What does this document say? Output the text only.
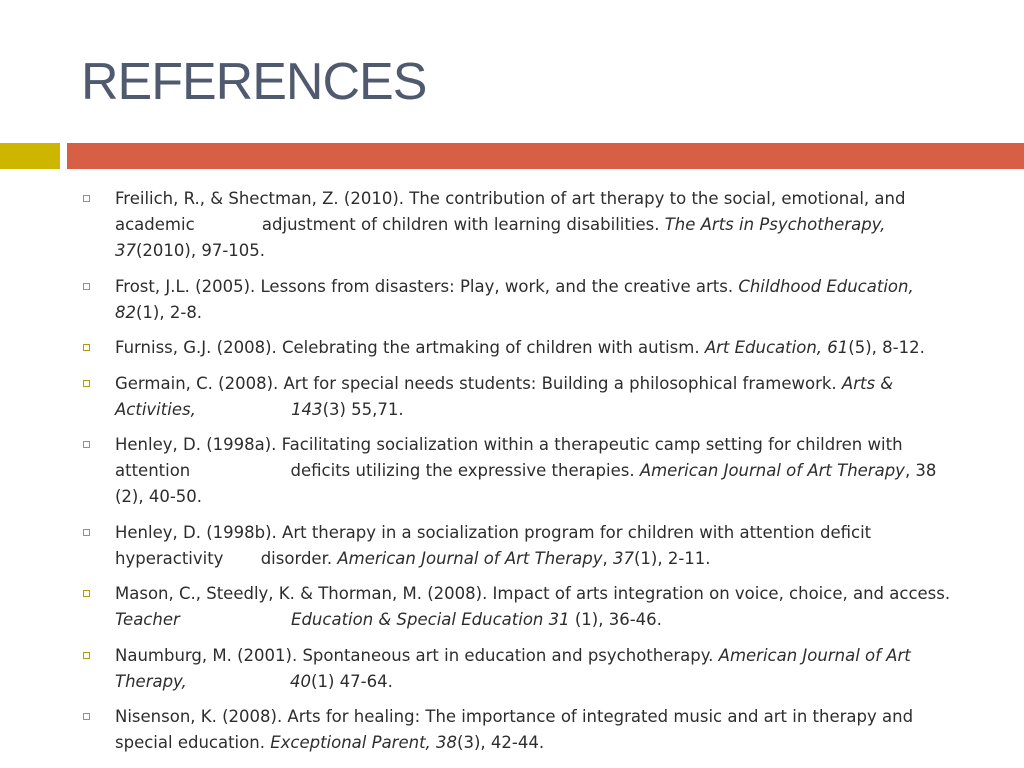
REFERENCES
Freilich, R., & Shectman, Z. (2010). The contribution of art therapy to the social, emotional, and
academic	adjustment of children with learning disabilities. The Arts in Psychotherapy,
37(2010), 97-105.
Frost, J.L. (2005). Lessons from disasters: Play, work, and the creative arts. Childhood Education,
82(1), 2-8.
Furniss, G.J. (2008). Celebrating the artmaking of children with autism. Art Education, 61(5), 8-12.
Germain, C. (2008). Art for special needs students: Building a philosophical framework. Arts &
Activities,	143(3) 55,71.
Henley, D. (1998a). Facilitating socialization within a therapeutic camp setting for children with
attention	deficits utilizing the expressive therapies. American Journal of Art Therapy, 38
(2), 40-50.
Henley, D. (1998b). Art therapy in a socialization program for children with attention deficit
hyperactivity disorder. American Journal of Art Therapy, 37(1), 2-11.
Mason, C., Steedly, K. & Thorman, M. (2008). Impact of arts integration on voice, choice, and access.
Teacher	Education & Special Education 31 (1), 36-46.
Naumburg, M. (2001). Spontaneous art in education and psychotherapy. American Journal of Art
Therapy,	40(1) 47-64.
Nisenson, K. (2008). Arts for healing: The importance of integrated music and art in therapy and
special education. Exceptional Parent, 38(3), 42-44.
